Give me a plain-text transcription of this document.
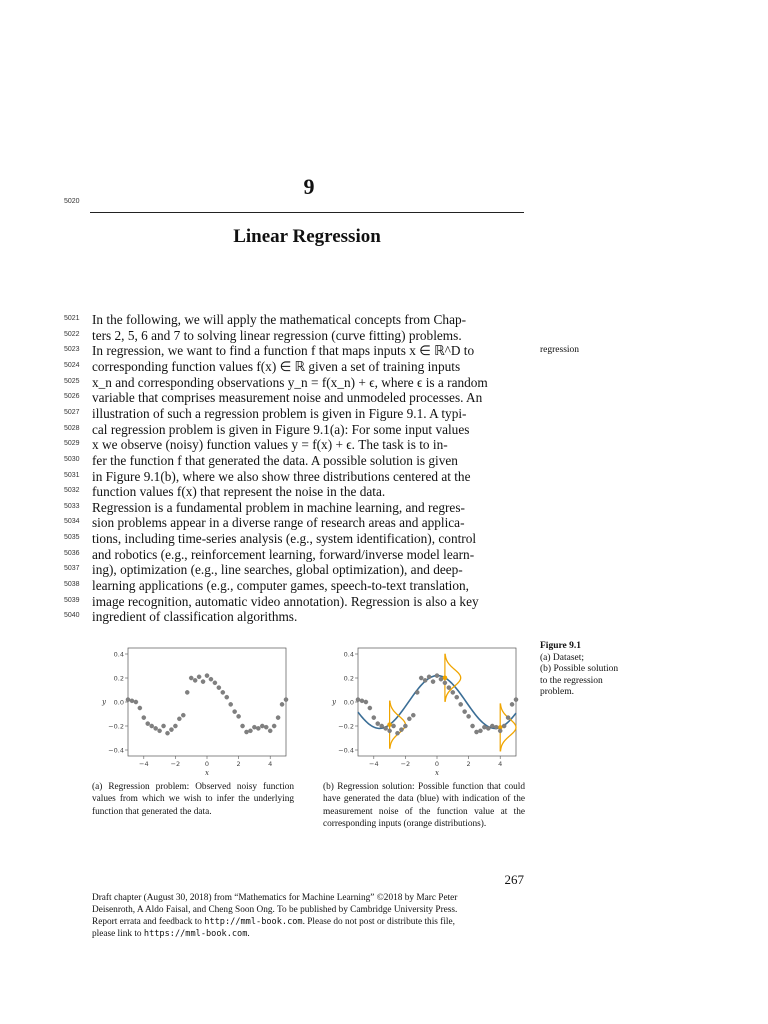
5020
9
Linear Regression
5021 In the following, we will apply the mathematical concepts from Chap-
5022 ters 2, 5, 6 and 7 to solving linear regression (curve fitting) problems.
5023 In regression, we want to find a function f that maps inputs x ∈ ℝ^D to
5024 corresponding function values f(x) ∈ ℝ given a set of training inputs
5025 x_n and corresponding observations y_n = f(x_n) + ϵ, where ϵ is a random
5026 variable that comprises measurement noise and unmodeled processes. An
5027 illustration of such a regression problem is given in Figure 9.1. A typi-
5028 cal regression problem is given in Figure 9.1(a): For some input values
5029 x we observe (noisy) function values y = f(x) + ϵ. The task is to in-
5030 fer the function f that generated the data. A possible solution is given
5031 in Figure 9.1(b), where we also show three distributions centered at the
5032 function values f(x) that represent the noise in the data.
5033 Regression is a fundamental problem in machine learning, and regres-
5034 sion problems appear in a diverse range of research areas and applica-
5035 tions, including time-series analysis (e.g., system identification), control
5036 and robotics (e.g., reinforcement learning, forward/inverse model learn-
5037 ing), optimization (e.g., line searches, global optimization), and deep-
5038 learning applications (e.g., computer games, speech-to-text translation,
5039 image recognition, automatic video annotation). Regression is also a key
5040 ingredient of classification algorithms.
regression
Figure 9.1
(a) Dataset;
(b) Possible solution
to the regression
problem.
0.4
0.2
0.0
−0.2
−0.4
−4	−2	0	2	4
x
y
0.4
0.2
0.0
−0.2
−0.4
−4	−2	0	2	4
x
y
(a) Regression problem: Observed noisy function values from which we wish to infer the underlying function that generated the data.
(b) Regression solution: Possible function that could have generated the data (blue) with indication of the measurement noise of the function value at the corresponding inputs (orange distributions).
267
Draft chapter (August 30, 2018) from “Mathematics for Machine Learning” ©2018 by Marc Peter
Deisenroth, A Aldo Faisal, and Cheng Soon Ong. To be published by Cambridge University Press.
Report errata and feedback to http://mml-book.com. Please do not post or distribute this file,
please link to https://mml-book.com.
